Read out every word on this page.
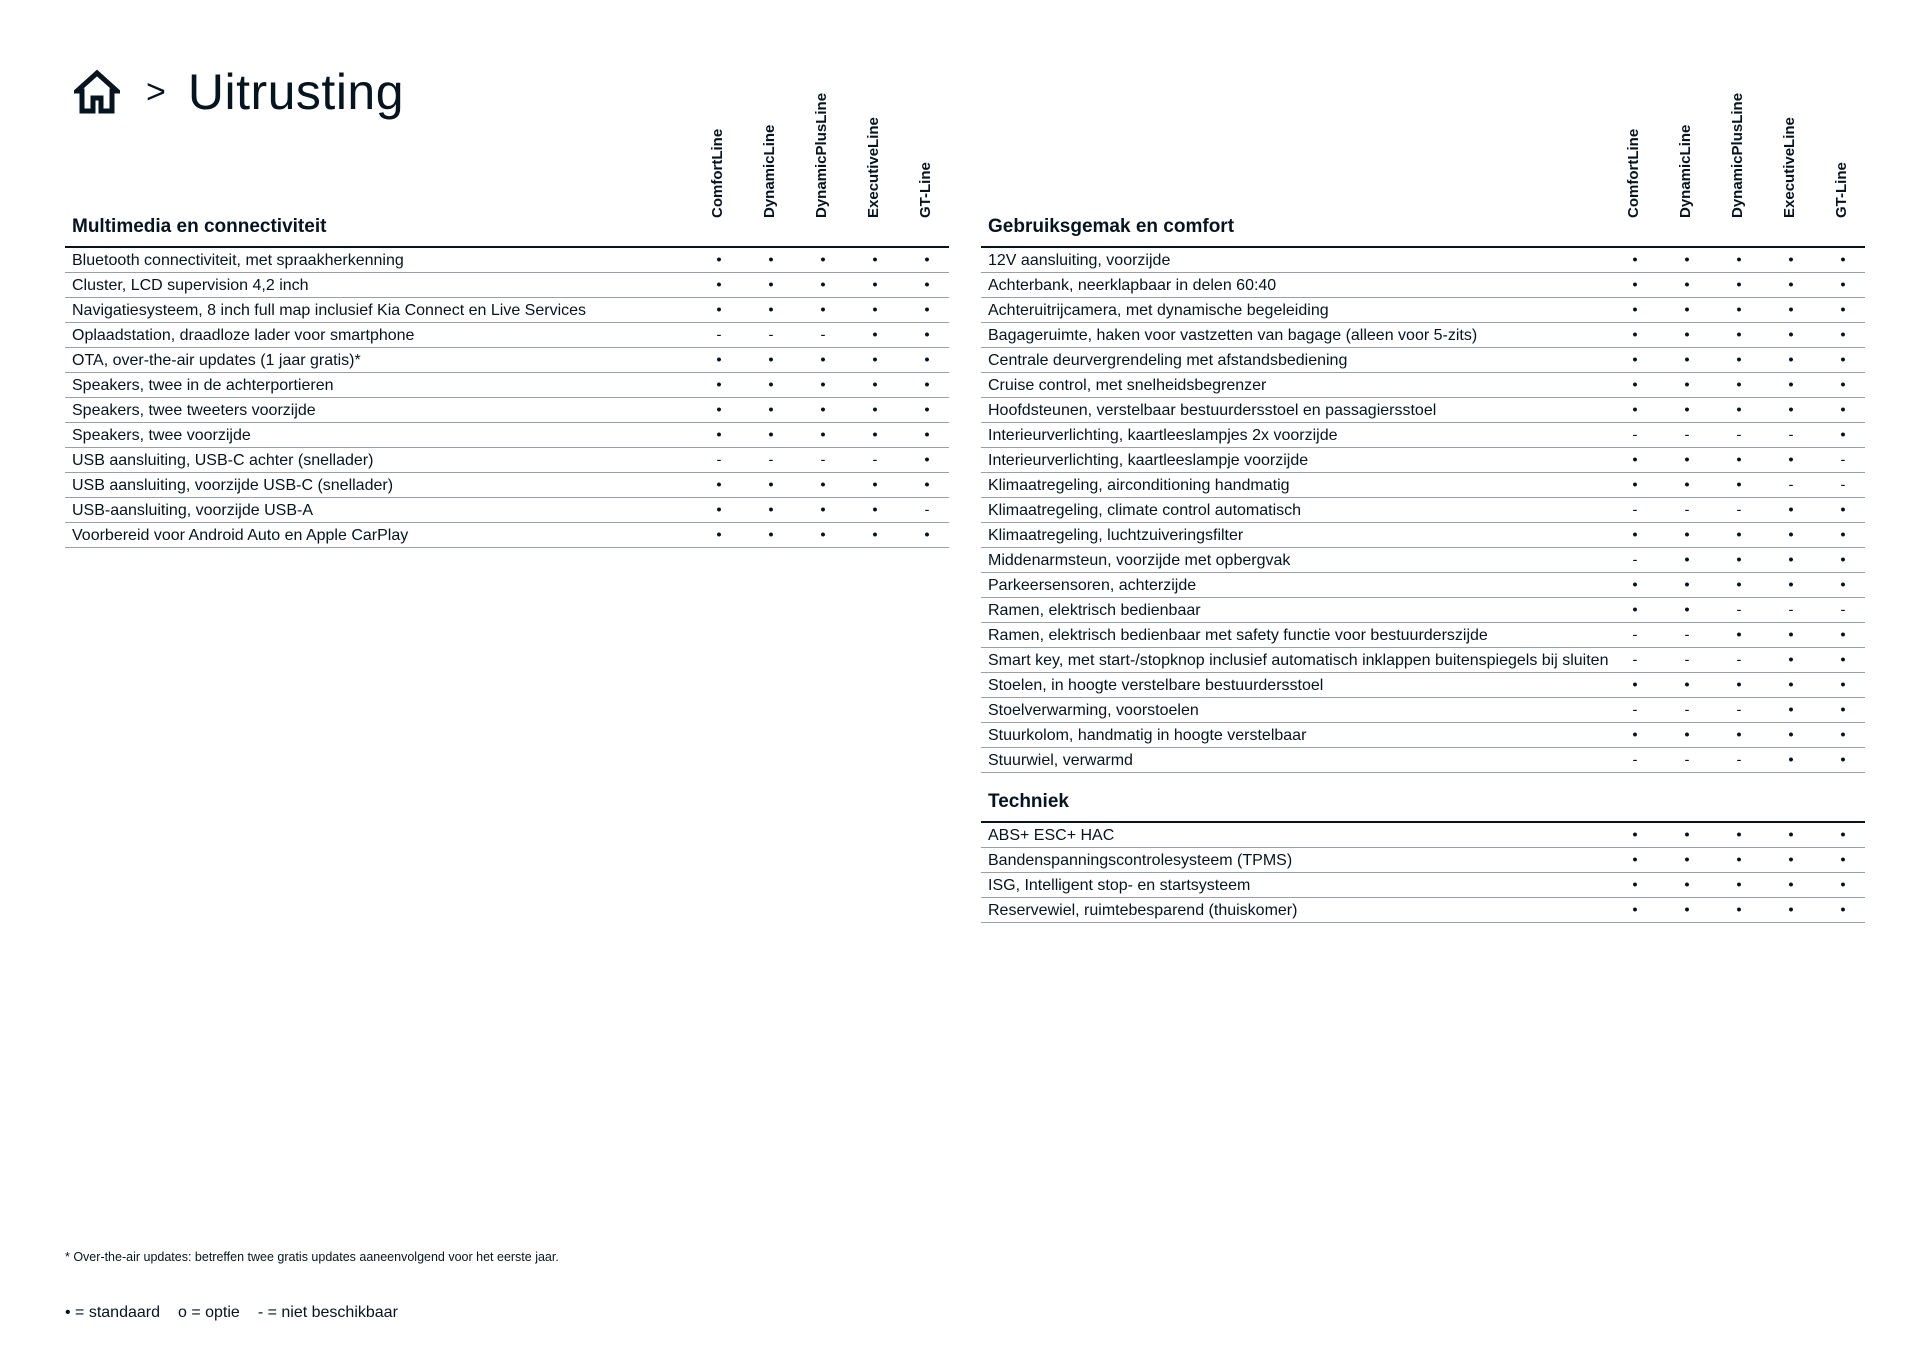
> Uitrusting
ComfortLine DynamicLine DynamicPlusLine ExecutiveLine GT-Line
Multimedia en connectiviteit
Bluetooth connectiviteit, met spraakherkenning	•	•	•	•	•
Cluster, LCD supervision 4,2 inch	•	•	•	•	•
Navigatiesysteem, 8 inch full map inclusief Kia Connect en Live Services	•	•	•	•	•
Oplaadstation, draadloze lader voor smartphone	-	-	-	•	•
OTA, over-the-air updates (1 jaar gratis)*	•	•	•	•	•
Speakers, twee in de achterportieren	•	•	•	•	•
Speakers, twee tweeters voorzijde	•	•	•	•	•
Speakers, twee voorzijde	•	•	•	•	•
USB aansluiting, USB-C achter (snellader)	-	-	-	-	•
USB aansluiting, voorzijde USB-C (snellader)	•	•	•	•	•
USB-aansluiting, voorzijde USB-A	•	•	•	•	-
Voorbereid voor Android Auto en Apple CarPlay	•	•	•	•	•
ComfortLine DynamicLine DynamicPlusLine ExecutiveLine GT-Line
Gebruiksgemak en comfort
12V aansluiting, voorzijde	•	•	•	•	•
Achterbank, neerklapbaar in delen 60:40	•	•	•	•	•
Achteruitrijcamera, met dynamische begeleiding	•	•	•	•	•
Bagageruimte, haken voor vastzetten van bagage (alleen voor 5-zits)	•	•	•	•	•
Centrale deurvergrendeling met afstandsbediening	•	•	•	•	•
Cruise control, met snelheidsbegrenzer	•	•	•	•	•
Hoofdsteunen, verstelbaar bestuurdersstoel en passagiersstoel	•	•	•	•	•
Interieurverlichting, kaartleeslampjes 2x voorzijde	-	-	-	-	•
Interieurverlichting, kaartleeslampje voorzijde	•	•	•	•	-
Klimaatregeling, airconditioning handmatig	•	•	•	-	-
Klimaatregeling, climate control automatisch	-	-	-	•	•
Klimaatregeling, luchtzuiveringsfilter	•	•	•	•	•
Middenarmsteun, voorzijde met opbergvak	-	•	•	•	•
Parkeersensoren, achterzijde	•	•	•	•	•
Ramen, elektrisch bedienbaar	•	•	-	-	-
Ramen, elektrisch bedienbaar met safety functie voor bestuurderszijde	-	-	•	•	•
Smart key, met start-/stopknop inclusief automatisch inklappen buitenspiegels bij sluiten	-	-	-	•	•
Stoelen, in hoogte verstelbare bestuurdersstoel	•	•	•	•	•
Stoelverwarming, voorstoelen	-	-	-	•	•
Stuurkolom, handmatig in hoogte verstelbaar	•	•	•	•	•
Stuurwiel, verwarmd	-	-	-	•	•
Techniek
ABS+ ESC+ HAC	•	•	•	•	•
Bandenspanningscontrolesysteem (TPMS)	•	•	•	•	•
ISG, Intelligent stop- en startsysteem	•	•	•	•	•
Reservewiel, ruimtebesparend (thuiskomer)	•	•	•	•	•
* Over-the-air updates: betreffen twee gratis updates aaneenvolgend voor het eerste jaar.
• = standaard o = optie - = niet beschikbaar
